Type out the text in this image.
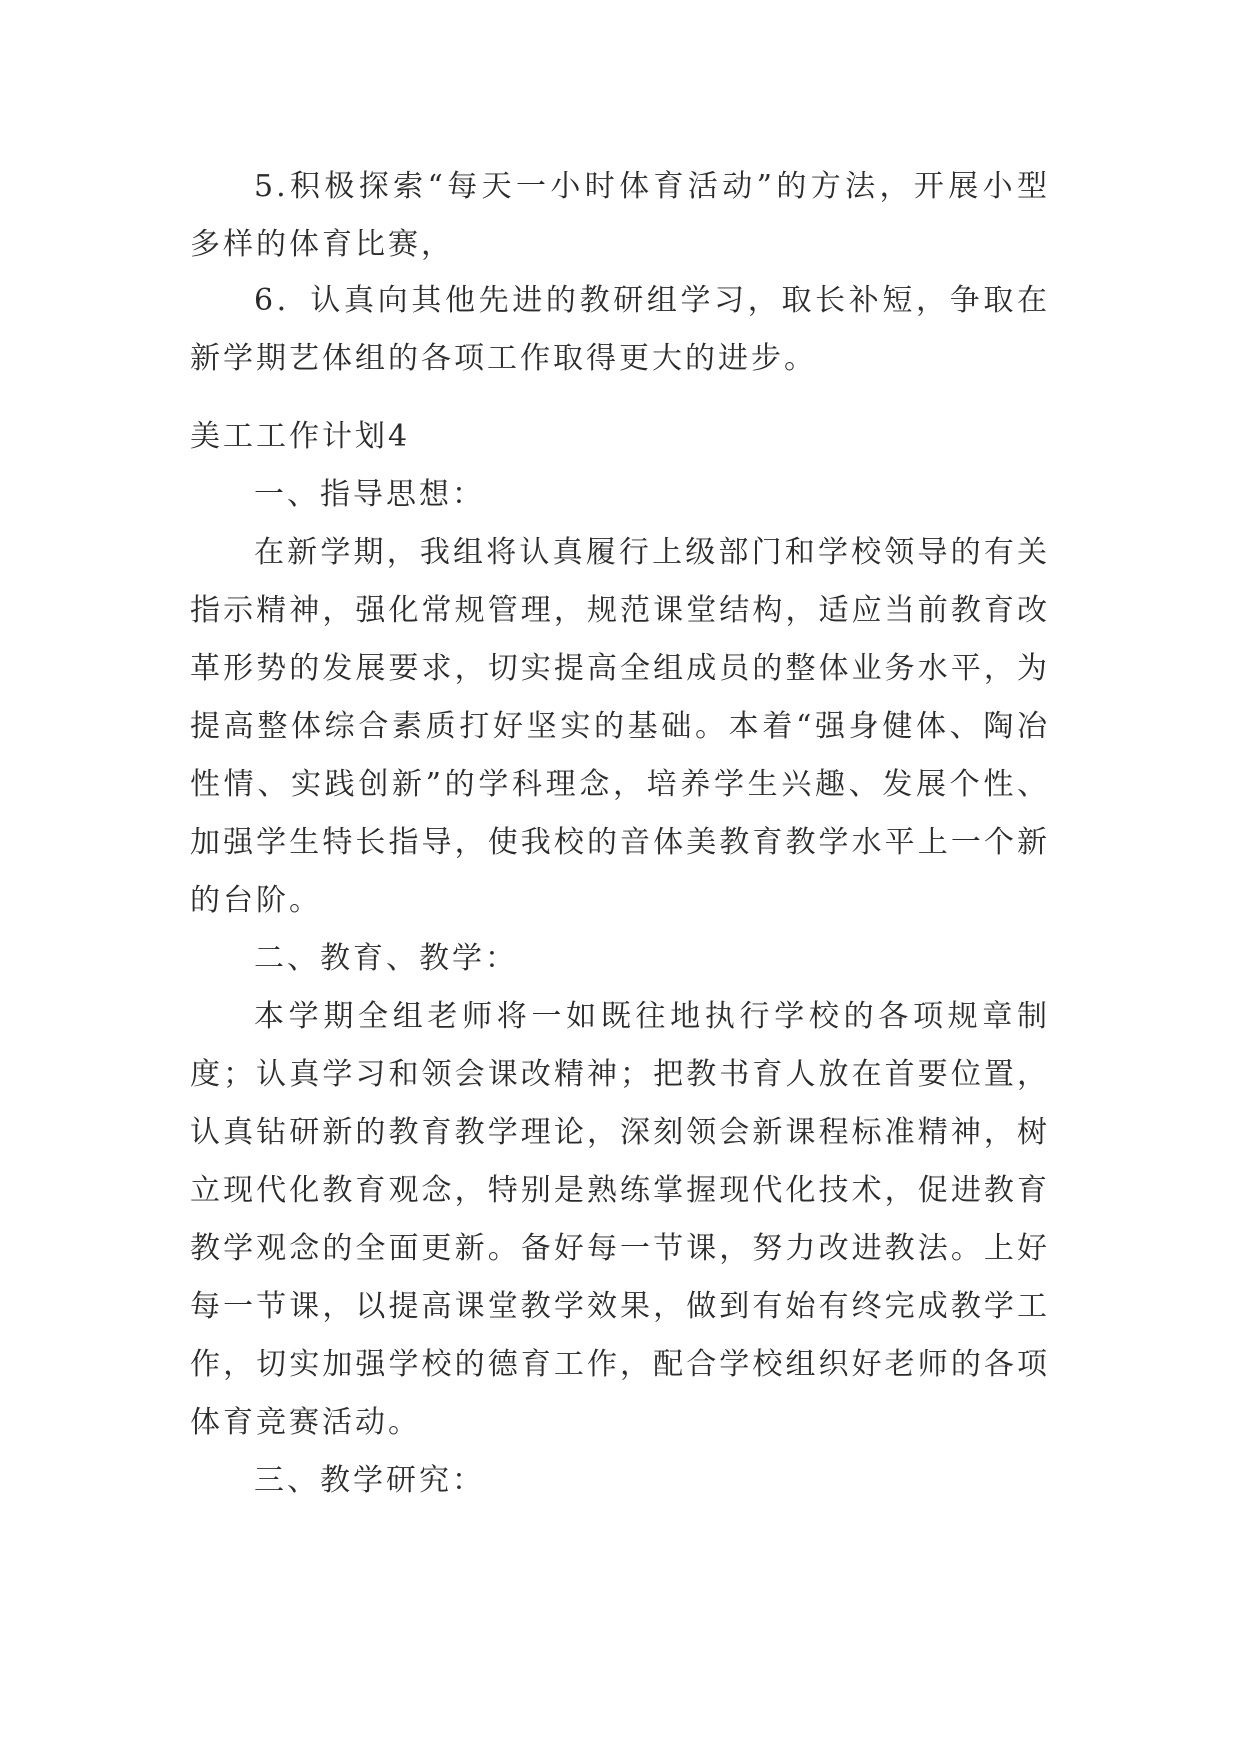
5.积极探索“每天一小时体育活动”的方法，开展小型多样的体育比赛，

6．认真向其他先进的教研组学习，取长补短，争取在新学期艺体组的各项工作取得更大的进步。

美工工作计划4

一、指导思想：

在新学期，我组将认真履行上级部门和学校领导的有关指示精神，强化常规管理，规范课堂结构，适应当前教育改革形势的发展要求，切实提高全组成员的整体业务水平，为提高整体综合素质打好坚实的基础。本着“强身健体、陶冶性情、实践创新”的学科理念，培养学生兴趣、发展个性、加强学生特长指导，使我校的音体美教育教学水平上一个新的台阶。

二、教育、教学：

本学期全组老师将一如既往地执行学校的各项规章制度；认真学习和领会课改精神；把教书育人放在首要位置，认真钻研新的教育教学理论，深刻领会新课程标准精神，树立现代化教育观念，特别是熟练掌握现代化技术，促进教育教学观念的全面更新。备好每一节课，努力改进教法。上好每一节课，以提高课堂教学效果，做到有始有终完成教学工作，切实加强学校的德育工作，配合学校组织好老师的各项体育竞赛活动。

三、教学研究：
